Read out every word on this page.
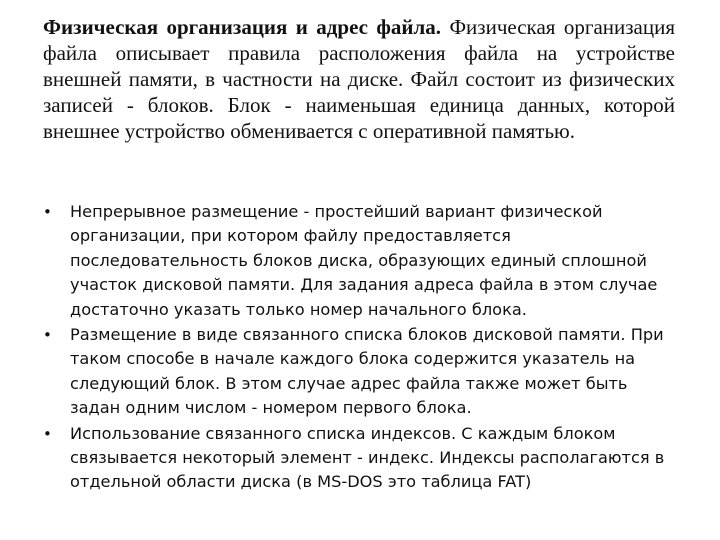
Физическая организация и адрес файла. Физическая организация файла описывает правила расположения файла на устройстве внешней памяти, в частности на диске. Файл состоит из физических записей - блоков. Блок - наименьшая единица данных, которой внешнее устройство обменивается с оперативной памятью.

•	Непрерывное размещение - простейший вариант физической организации, при котором файлу предоставляется последовательность блоков диска, образующих единый сплошной участок дисковой памяти. Для задания адреса файла в этом случае достаточно указать только номер начального блока.
•	Размещение в виде связанного списка блоков дисковой памяти. При таком способе в начале каждого блока содержится указатель на следующий блок. В этом случае адрес файла также может быть задан одним числом - номером первого блока.
•	Использование связанного списка индексов. С каждым блоком связывается некоторый элемент - индекс. Индексы располагаются в отдельной области диска (в MS-DOS это таблица FAT)
